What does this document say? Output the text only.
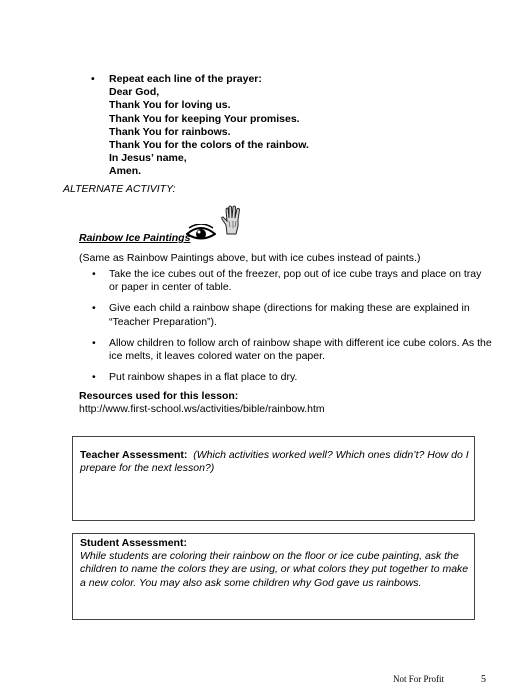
• Repeat each line of the prayer:
Dear God,
Thank You for loving us.
Thank You for keeping Your promises.
Thank You for rainbows.
Thank You for the colors of the rainbow.
In Jesus’ name,
Amen.
ALTERNATE ACTIVITY:
Rainbow Ice Paintings
(Same as Rainbow Paintings above, but with ice cubes instead of paints.)
• Take the ice cubes out of the freezer, pop out of ice cube trays and place on tray or paper in center of table.
• Give each child a rainbow shape (directions for making these are explained in “Teacher Preparation”).
• Allow children to follow arch of rainbow shape with different ice cube colors. As the ice melts, it leaves colored water on the paper.
• Put rainbow shapes in a flat place to dry.
Resources used for this lesson:
http://www.first-school.ws/activities/bible/rainbow.htm
Teacher Assessment: (Which activities worked well? Which ones didn’t? How do I prepare for the next lesson?)
Student Assessment:
While students are coloring their rainbow on the floor or ice cube painting, ask the children to name the colors they are using, or what colors they put together to make a new color. You may also ask some children why God gave us rainbows.
Not For Profit	5
